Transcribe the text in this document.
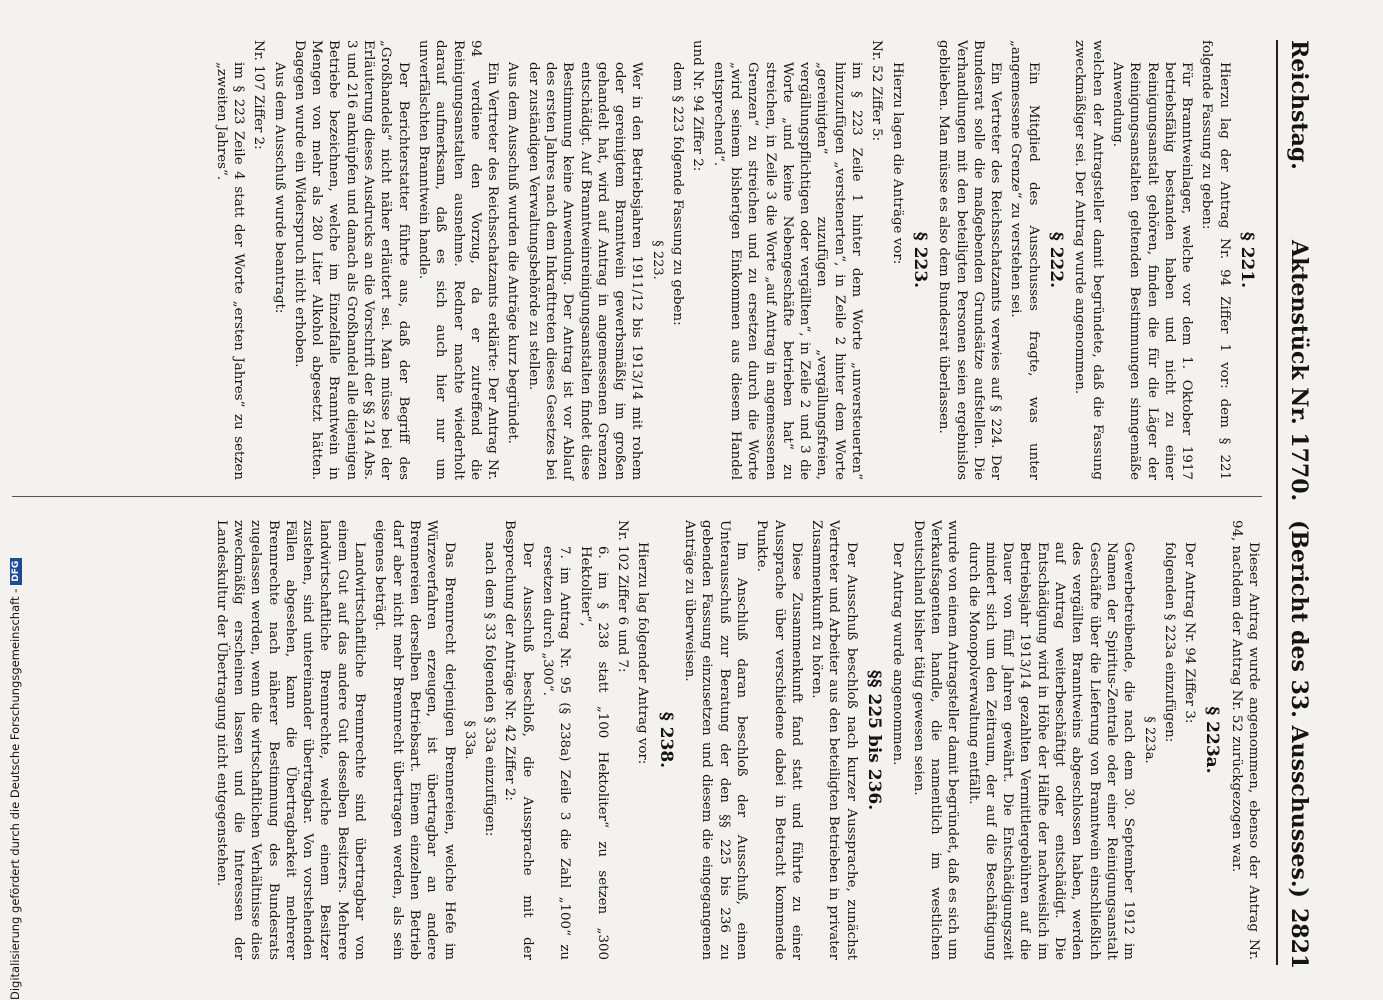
Reichstag.
Aktenstück Nr. 1770.
(Bericht des 33. Ausschusses.)
2821
§ 221.

Hierzu lag der Antrag Nr. 94 Ziffer 1 vor: dem § 221 folgende Fassung zu geben:

Für Branntweinlager, welche vor dem 1. Oktober 1917 betriebsfähig bestanden haben und nicht zu einer Reinigungsanstalt gehören, finden die für die Läger der Reinigungsanstalten geltenden Bestimmungen sinngemäße Anwendung.

welchen der Antragsteller damit begründete, daß die Fassung zweckmäßiger sei. Der Antrag wurde angenommen.

§ 222.

Ein Mitglied des Ausschusses fragte, was unter „angemessene Grenze“ zu verstehen sei.

Ein Vertreter des Reichsschatzamts verwies auf § 224. Der Bundesrat solle die maßgebenden Grundsätze aufstellen. Die Verhandlungen mit den beteiligten Personen seien ergebnislos geblieben. Man müsse es also dem Bundesrat überlassen.

§ 223.

Hierzu lagen die Anträge vor:

Nr. 52 Ziffer 5:

im § 223 Zeile 1 hinter dem Worte „unversteuerten“ hinzuzufügen „verstenerten“, in Zeile 2 hinter dem Worte „gereinigten“ zuzufügen „vergällungsfreien, vergällungspflichtigen oder vergällten“, in Zeile 2 und 3 die Worte „und keine Nebengeschäfte betrieben hat“ zu streichen, in Zeile 3 die Worte „auf Antrag in angemessenen Grenzen“ zu streichen und zu ersetzen durch die Worte „wird seinem bisherigen Einkommen aus diesem Handel entsprechend“.

und Nr. 94 Ziffer 2:

dem § 223 folgende Fassung zu geben:

§ 223.

Wer in den Betriebsjahren 1911/12 bis 1913/14 mit rohem oder gereinigtem Branntwein gewerbsmäßig im großen gehandelt hat, wird auf Antrag in angemessenen Grenzen entschädigt. Auf Branntweinreinigungsanstalten findet diese Bestimmung keine Anwendung. Der Antrag ist vor Ablauf des ersten Jahres nach dem Inkrafttreten dieses Gesetzes bei der zuständigen Verwaltungsbehörde zu stellen.

Aus dem Ausschuß wurden die Anträge kurz begründet.

Ein Vertreter des Reichsschatzamts erklärte: Der Antrag Nr. 94 verdiene den Vorzug, da er zutreffend die Reinigungsanstalten ausnehme. Redner machte wiederholt darauf aufmerksam, daß es sich auch hier nur um unverfälschten Branntwein handle.

Der Berichterstatter führte aus, daß der Begriff des „Großhandels“ nicht näher erläutert sei. Man müsse bei der Erläuterung dieses Ausdrucks an die Vorschrift der §§ 214 Abs. 3 und 216 anknüpfen und danach als Großhandel alle diejenigen Betriebe bezeichnen, welche im Einzelfalle Branntwein in Mengen von mehr als 280 Liter Alkohol abgesetzt hätten. Dagegen wurde ein Widerspruch nicht erhoben.

Aus dem Ausschuß wurde beantragt:

Nr. 107 Ziffer 2:

im § 223 Zeile 4 statt der Worte „ersten Jahres“ zu setzen „zweiten Jahres“.

Dieser Antrag wurde angenommen, ebenso der Antrag Nr. 94, nachdem der Antrag Nr. 52 zurückgezogen war.

§ 223a.

Der Antrag Nr. 94 Ziffer 3:

folgenden § 223a einzufügen:

§ 223a.

Gewerbetreibende, die nach dem 30. September 1912 im Namen der Spiritus-Zentrale oder einer Reinigungsanstalt Geschäfte über die Lieferung von Branntwein einschließlich des vergällten Branntweins abgeschlossen haben, werden auf Antrag weiterbeschäftigt oder entschädigt. Die Entschädigung wird in Höhe der Hälfte der nachweislich im Betriebsjahr 1913/14 gezahlten Vermittlergebühren auf die Dauer von fünf Jahren gewährt. Die Entschädigungszeit mindert sich um den Zeitraum, der auf die Beschäftigung durch die Monopolverwaltung entfällt.

wurde von einem Antragsteller damit begründet, daß es sich um Verkaufsagenten handle, die namentlich im westlichen Deutschland bisher tätig gewesen seien.

Der Antrag wurde angenommen.

§§ 225 bis 236.

Der Ausschuß beschloß nach kurzer Aussprache, zunächst Vertreter und Arbeiter aus den beteiligten Betrieben in privater Zusammenkunft zu hören.

Diese Zusammenkunft fand statt und führte zu einer Aussprache über verschiedene dabei in Betracht kommende Punkte.

Im Anschluß daran beschloß der Ausschuß, einen Unterausschuß zur Beratung der den §§ 225 bis 236 zu gebenden Fassung einzusetzen und diesem die eingegangenen Anträge zu überweisen.

§ 238.

Hierzu lag folgender Antrag vor:

Nr. 102 Ziffer 6 und 7:

6. im § 238 statt „100 Hektoliter“ zu setzen „300 Hektoliter“,

7. im Antrag Nr. 95 (§ 238a) Zeile 3 die Zahl „100“ zu ersetzen durch „300“.

Der Ausschuß beschloß, die Aussprache mit der Besprechung der Anträge Nr. 42 Ziffer 2:

nach dem § 33 folgenden § 33a einzufügen:

§ 33a.

Das Brennrecht derjenigen Brennereien, welche Hefe im Würzeverfahren erzeugen, ist übertragbar an andere Brennereien derselben Betriebsart. Einem einzelnen Betrieb darf aber nicht mehr Brennrecht übertragen werden, als sein eigenes beträgt.

Landwirtschaftliche Brennrechte sind übertragbar von einem Gut auf das andere Gut desselben Besitzers. Mehrere landwirtschaftliche Brennrechte, welche einem Besitzer zustehen, sind untereinander übertragbar. Von vorstehenden Fällen abgesehen, kann die Übertragbarkeit mehrerer Brennrechte nach näherer Bestimmung des Bundesrats zugelassen werden, wenn die wirtschaftlichen Verhältnisse dies zweckmäßig erscheinen lassen und die Interessen der Landeskultur der Übertragung nicht entgegenstehen.

Digitalisierung gefördert durch die Deutsche Forschungsgemeinschaft -DFG
